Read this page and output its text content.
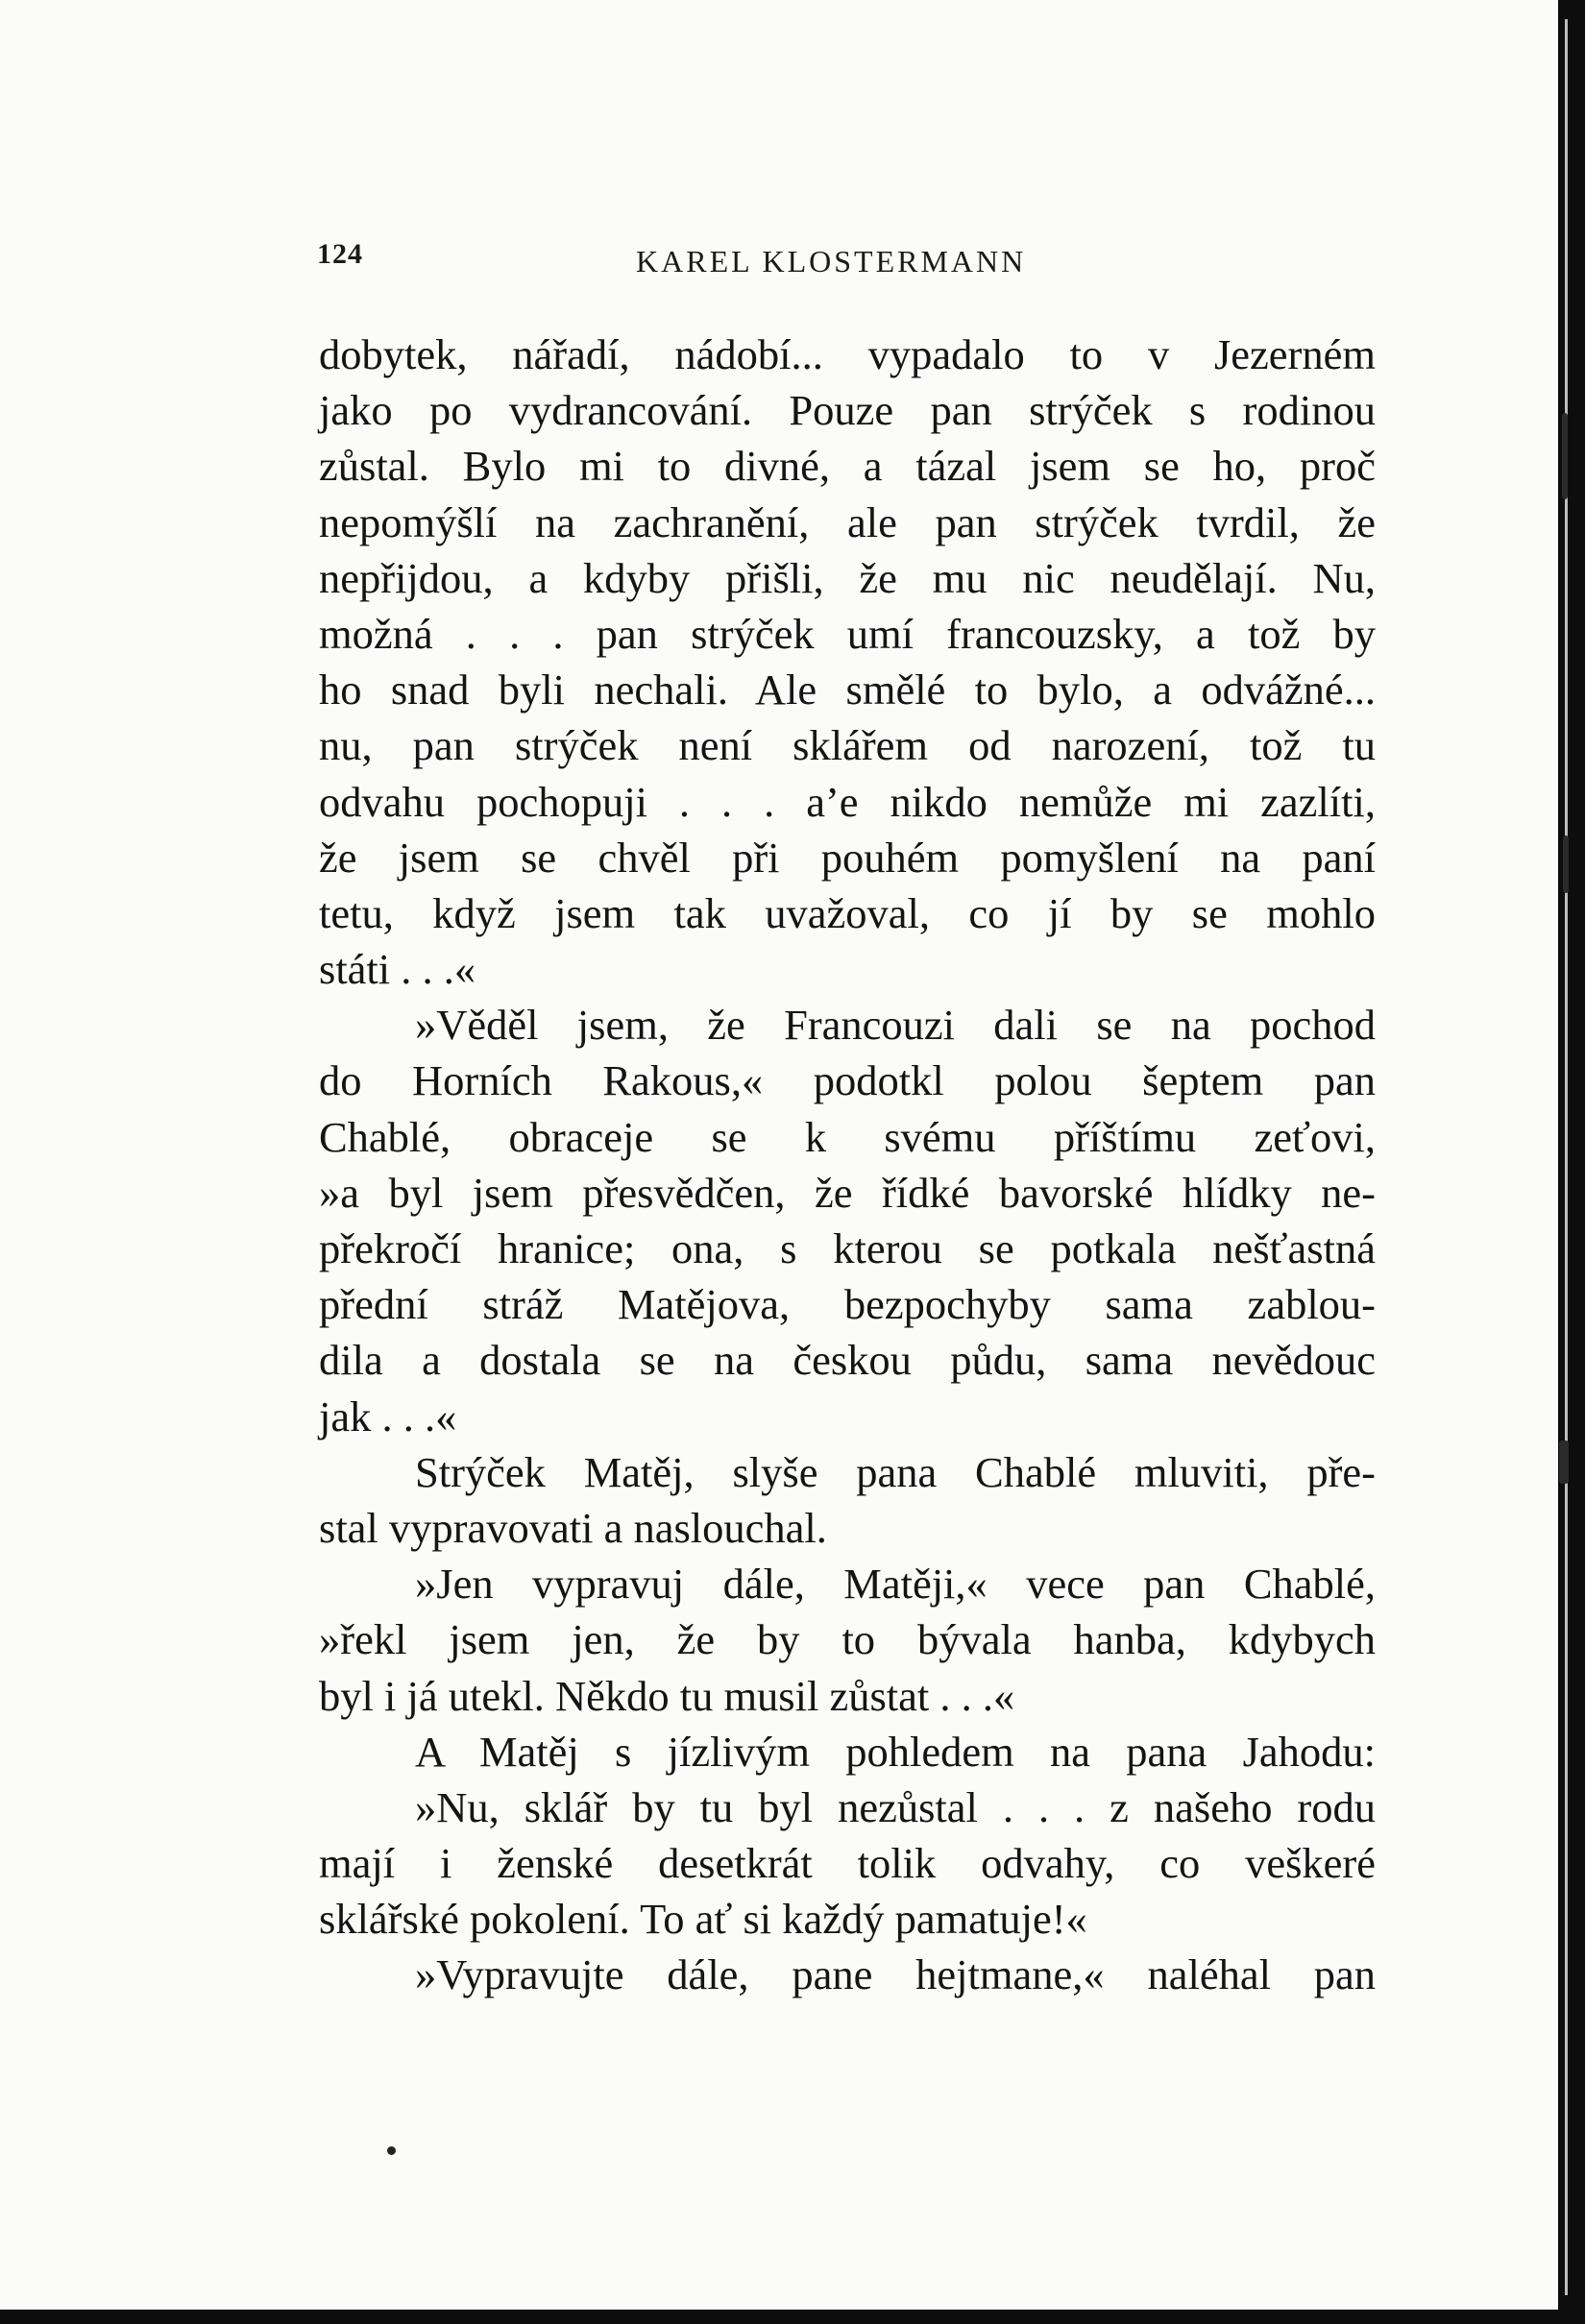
124	KAREL KLOSTERMANN
dobytek, nářadí, nádobí... vypadalo to v Jezerném
jako po vydrancování. Pouze pan strýček s rodinou
zůstal. Bylo mi to divné, a tázal jsem se ho, proč
nepomýšlí na zachranění, ale pan strýček tvrdil, že
nepřijdou, a kdyby přišli, že mu nic neudělají. Nu,
možná . . . pan strýček umí francouzsky, a tož by
ho snad byli nechali. Ale smělé to bylo, a odvážné...
nu, pan strýček není sklářem od narození, tož tu
odvahu pochopuji . . . a’e nikdo nemůže mi zazlíti,
že jsem se chvěl při pouhém pomyšlení na paní
tetu, když jsem tak uvažoval, co jí by se mohlo
státi . . .«
»Věděl jsem, že Francouzi dali se na pochod
do Horních Rakous,« podotkl polou šeptem pan
Chablé, obraceje se k svému příštímu zeťovi,
»a byl jsem přesvědčen, že řídké bavorské hlídky ne-
překročí hranice; ona, s kterou se potkala nešťastná
přední stráž Matějova, bezpochyby sama zablou-
dila a dostala se na českou půdu, sama nevědouc
jak . . .«
Strýček Matěj, slyše pana Chablé mluviti, pře-
stal vypravovati a naslouchal.
»Jen vypravuj dále, Matěji,« vece pan Chablé,
»řekl jsem jen, že by to bývala hanba, kdybych
byl i já utekl. Někdo tu musil zůstat . . .«
A Matěj s jízlivým pohledem na pana Jahodu:
»Nu, sklář by tu byl nezůstal . . . z našeho rodu
mají i ženské desetkrát tolik odvahy, co veškeré
sklářské pokolení. To ať si každý pamatuje!«
»Vypravujte dále, pane hejtmane,« naléhal pan
